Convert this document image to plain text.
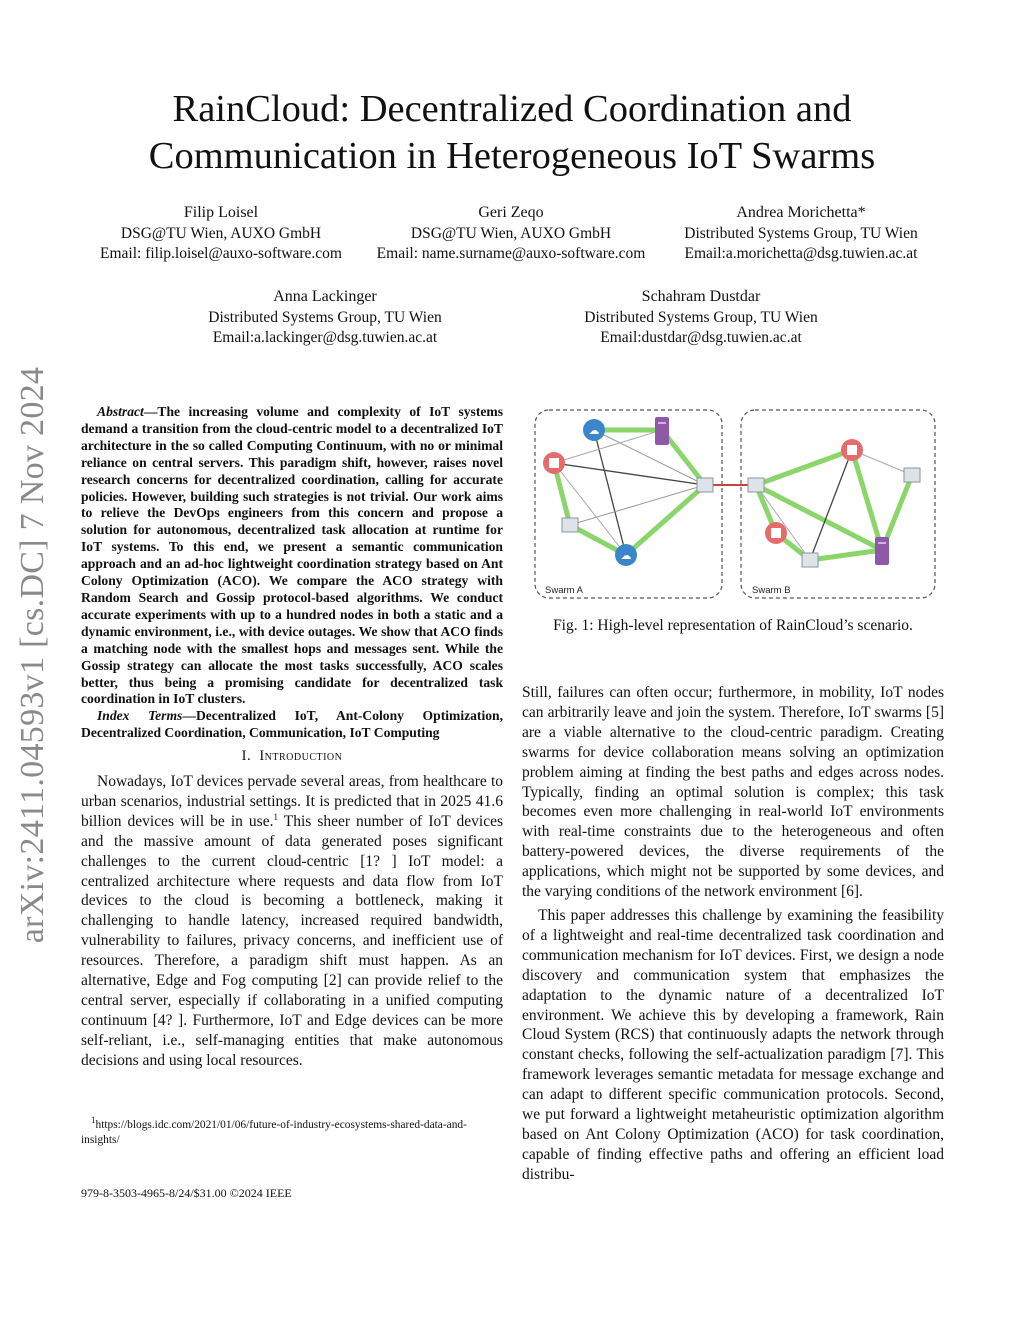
arXiv:2411.04593v1 [cs.DC] 7 Nov 2024
RainCloud: Decentralized Coordination and
Communication in Heterogeneous IoT Swarms
Filip Loisel
DSG@TU Wien, AUXO GmbH
Email: filip.loisel@auxo-software.com
Geri Zeqo
DSG@TU Wien, AUXO GmbH
Email: name.surname@auxo-software.com
Andrea Morichetta*
Distributed Systems Group, TU Wien
Email:a.morichetta@dsg.tuwien.ac.at
Anna Lackinger
Distributed Systems Group, TU Wien
Email:a.lackinger@dsg.tuwien.ac.at
Schahram Dustdar
Distributed Systems Group, TU Wien
Email:dustdar@dsg.tuwien.ac.at

Abstract—The increasing volume and complexity of IoT systems demand a transition from the cloud-centric model to a decentralized IoT architecture in the so called Computing Continuum, with no or minimal reliance on central servers. This paradigm shift, however, raises novel research concerns for decentralized coordination, calling for accurate policies. However, building such strategies is not trivial. Our work aims to relieve the DevOps engineers from this concern and propose a solution for autonomous, decentralized task allocation at runtime for IoT systems. To this end, we present a semantic communication approach and an ad-hoc lightweight coordination strategy based on Ant Colony Optimization (ACO). We compare the ACO strategy with Random Search and Gossip protocol-based algorithms. We conduct accurate experiments with up to a hundred nodes in both a static and a dynamic environment, i.e., with device outages. We show that ACO finds a matching node with the smallest hops and messages sent. While the Gossip strategy can allocate the most tasks successfully, ACO scales better, thus being a promising candidate for decentralized task coordination in IoT clusters.

Index Terms—Decentralized IoT, Ant-Colony Optimization, Decentralized Coordination, Communication, IoT Computing

I. Introduction

Nowadays, IoT devices pervade several areas, from healthcare to urban scenarios, industrial settings. It is predicted that in 2025 41.6 billion devices will be in use.$^1$ This sheer number of IoT devices and the massive amount of data generated poses significant challenges to the current cloud-centric [1? ] IoT model: a centralized architecture where requests and data flow from IoT devices to the cloud is becoming a bottleneck, making it challenging to handle latency, increased required bandwidth, vulnerability to failures, privacy concerns, and inefficient use of resources. Therefore, a paradigm shift must happen. As an alternative, Edge and Fog computing [2] can provide relief to the central server, especially if collaborating in a unified computing continuum [4? ]. Furthermore, IoT and Edge devices can be more self-reliant, i.e., self-managing entities that make autonomous decisions and using local resources.

$^1$https://blogs.idc.com/2021/01/06/future-of-industry-ecosystems-shared-data-and-insights/

979-8-3503-4965-8/24/$31.00 ©2024 IEEE
☁
☁
Swarm A	Swarm B
Fig. 1: High-level representation of RainCloud’s scenario.

Still, failures can often occur; furthermore, in mobility, IoT nodes can arbitrarily leave and join the system. Therefore, IoT swarms [5] are a viable alternative to the cloud-centric paradigm. Creating swarms for device collaboration means solving an optimization problem aiming at finding the best paths and edges across nodes. Typically, finding an optimal solution is complex; this task becomes even more challenging in real-world IoT environments with real-time constraints due to the heterogeneous and often battery-powered devices, the diverse requirements of the applications, which might not be supported by some devices, and the varying conditions of the network environment [6].

This paper addresses this challenge by examining the feasibility of a lightweight and real-time decentralized task coordination and communication mechanism for IoT devices. First, we design a node discovery and communication system that emphasizes the adaptation to the dynamic nature of a decentralized IoT environment. We achieve this by developing a framework, Rain Cloud System (RCS) that continuously adapts the network through constant checks, following the self-actualization paradigm [7]. This framework leverages semantic metadata for message exchange and can adapt to different specific communication protocols. Second, we put forward a lightweight metaheuristic optimization algorithm based on Ant Colony Optimization (ACO) for task coordination, capable of finding effective paths and offering an efficient load distribu-
